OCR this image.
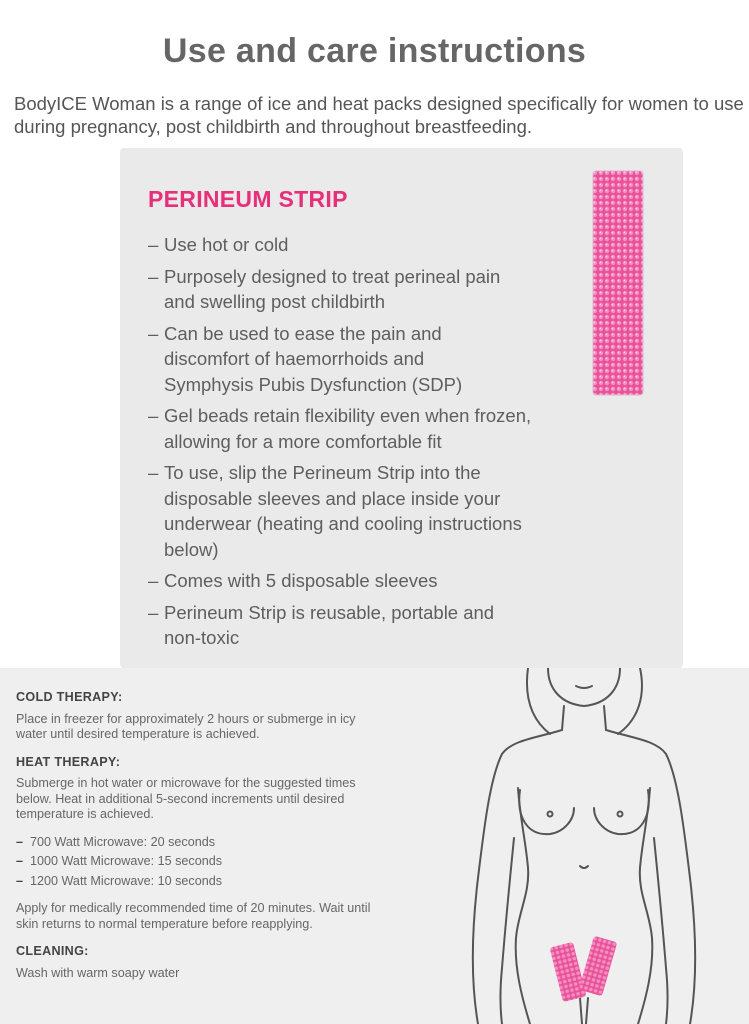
Use and care instructions

BodyICE Woman is a range of ice and heat packs designed specifically for women to use during pregnancy, post childbirth and throughout breastfeeding.

PERINEUM STRIP
– Use hot or cold
– Purposely designed to treat perineal pain and swelling post childbirth
– Can be used to ease the pain and discomfort of haemorrhoids and Symphysis Pubis Dysfunction (SDP)
– Gel beads retain flexibility even when frozen, allowing for a more comfortable fit
– To use, slip the Perineum Strip into the disposable sleeves and place inside your underwear (heating and cooling instructions below)
– Comes with 5 disposable sleeves
– Perineum Strip is reusable, portable and non-toxic
COLD THERAPY:

Place in freezer for approximately 2 hours or submerge in icy water until desired temperature is achieved.

HEAT THERAPY:

Submerge in hot water or microwave for the suggested times below. Heat in additional 5-second increments until desired temperature is achieved.

– 700 Watt Microwave: 20 seconds
– 1000 Watt Microwave: 15 seconds
– 1200 Watt Microwave: 10 seconds

Apply for medically recommended time of 20 minutes. Wait until skin returns to normal temperature before reapplying.

CLEANING:

Wash with warm soapy water
